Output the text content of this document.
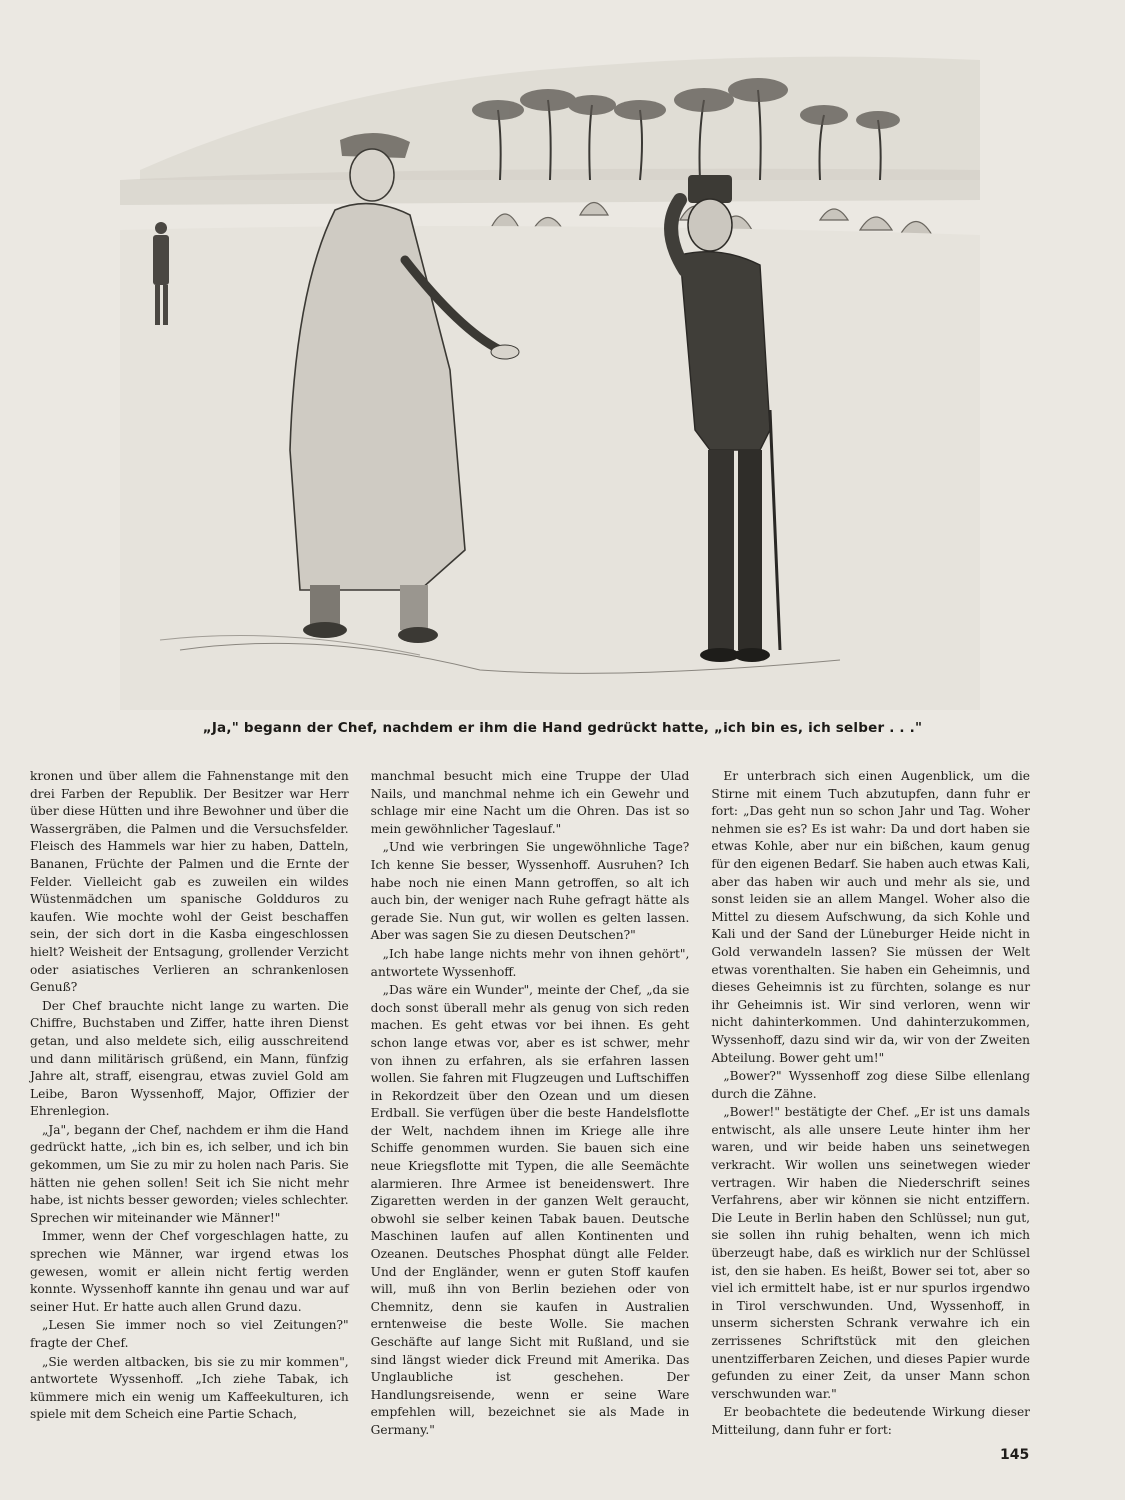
„Ja," begann der Chef, nachdem er ihm die Hand gedrückt hatte, „ich bin es, ich selber . . ."

kronen und über allem die Fahnenstange mit den drei Farben der Republik. Der Besitzer war Herr über diese Hütten und ihre Bewohner und über die Wassergräben, die Palmen und die Versuchsfelder. Fleisch des Hammels war hier zu haben, Datteln, Bananen, Früchte der Palmen und die Ernte der Felder. Vielleicht gab es zuweilen ein wildes Wüstenmädchen um spanische Goldduros zu kaufen. Wie mochte wohl der Geist beschaffen sein, der sich dort in die Kasba eingeschlossen hielt? Weisheit der Entsagung, grollender Verzicht oder asiatisches Verlieren an schrankenlosen Genuß?

Der Chef brauchte nicht lange zu warten. Die Chiffre, Buchstaben und Ziffer, hatte ihren Dienst getan, und also meldete sich, eilig ausschreitend und dann militärisch grüßend, ein Mann, fünfzig Jahre alt, straff, eisengrau, etwas zuviel Gold am Leibe, Baron Wyssenhoff, Major, Offizier der Ehrenlegion.

„Ja", begann der Chef, nachdem er ihm die Hand gedrückt hatte, „ich bin es, ich selber, und ich bin gekommen, um Sie zu mir zu holen nach Paris. Sie hätten nie gehen sollen! Seit ich Sie nicht mehr habe, ist nichts besser geworden; vieles schlechter. Sprechen wir miteinander wie Männer!"

Immer, wenn der Chef vorgeschlagen hatte, zu sprechen wie Männer, war irgend etwas los gewesen, womit er allein nicht fertig werden konnte. Wyssenhoff kannte ihn genau und war auf seiner Hut. Er hatte auch allen Grund dazu.

„Lesen Sie immer noch so viel Zeitungen?" fragte der Chef.

„Sie werden altbacken, bis sie zu mir kommen", antwortete Wyssenhoff. „Ich ziehe Tabak, ich kümmere mich ein wenig um Kaffeekulturen, ich spiele mit dem Scheich eine Partie Schach,

manchmal besucht mich eine Truppe der Ulad Nails, und manchmal nehme ich ein Gewehr und schlage mir eine Nacht um die Ohren. Das ist so mein gewöhnlicher Tageslauf."

„Und wie verbringen Sie ungewöhnliche Tage? Ich kenne Sie besser, Wyssenhoff. Ausruhen? Ich habe noch nie einen Mann getroffen, so alt ich auch bin, der weniger nach Ruhe gefragt hätte als gerade Sie. Nun gut, wir wollen es gelten lassen. Aber was sagen Sie zu diesen Deutschen?"

„Ich habe lange nichts mehr von ihnen gehört", antwortete Wyssenhoff.

„Das wäre ein Wunder", meinte der Chef, „da sie doch sonst überall mehr als genug von sich reden machen. Es geht etwas vor bei ihnen. Es geht schon lange etwas vor, aber es ist schwer, mehr von ihnen zu erfahren, als sie erfahren lassen wollen. Sie fahren mit Flugzeugen und Luftschiffen in Rekordzeit über den Ozean und um diesen Erdball. Sie verfügen über die beste Handelsflotte der Welt, nachdem ihnen im Kriege alle ihre Schiffe genommen wurden. Sie bauen sich eine neue Kriegsflotte mit Typen, die alle Seemächte alarmieren. Ihre Armee ist beneidenswert. Ihre Zigaretten werden in der ganzen Welt geraucht, obwohl sie selber keinen Tabak bauen. Deutsche Maschinen laufen auf allen Kontinenten und Ozeanen. Deutsches Phosphat düngt alle Felder. Und der Engländer, wenn er guten Stoff kaufen will, muß ihn von Berlin beziehen oder von Chemnitz, denn sie kaufen in Australien erntenweise die beste Wolle. Sie machen Geschäfte auf lange Sicht mit Rußland, und sie sind längst wieder dick Freund mit Amerika. Das Unglaubliche ist geschehen. Der Handlungsreisende, wenn er seine Ware empfehlen will, bezeichnet sie als Made in Germany."

Er unterbrach sich einen Augenblick, um die Stirne mit einem Tuch abzutupfen, dann fuhr er fort: „Das geht nun so schon Jahr und Tag. Woher nehmen sie es? Es ist wahr: Da und dort haben sie etwas Kohle, aber nur ein bißchen, kaum genug für den eigenen Bedarf. Sie haben auch etwas Kali, aber das haben wir auch und mehr als sie, und sonst leiden sie an allem Mangel. Woher also die Mittel zu diesem Aufschwung, da sich Kohle und Kali und der Sand der Lüneburger Heide nicht in Gold verwandeln lassen? Sie müssen der Welt etwas vorenthalten. Sie haben ein Geheimnis, und dieses Geheimnis ist zu fürchten, solange es nur ihr Geheimnis ist. Wir sind verloren, wenn wir nicht dahinterkommen. Und dahinterzukommen, Wyssenhoff, dazu sind wir da, wir von der Zweiten Abteilung. Bower geht um!"

„Bower?" Wyssenhoff zog diese Silbe ellenlang durch die Zähne.

„Bower!" bestätigte der Chef. „Er ist uns damals entwischt, als alle unsere Leute hinter ihm her waren, und wir beide haben uns seinetwegen verkracht. Wir wollen uns seinetwegen wieder vertragen. Wir haben die Niederschrift seines Verfahrens, aber wir können sie nicht entziffern. Die Leute in Berlin haben den Schlüssel; nun gut, sie sollen ihn ruhig behalten, wenn ich mich überzeugt habe, daß es wirklich nur der Schlüssel ist, den sie haben. Es heißt, Bower sei tot, aber so viel ich ermittelt habe, ist er nur spurlos irgendwo in Tirol verschwunden. Und, Wyssenhoff, in unserm sichersten Schrank verwahre ich ein zerrissenes Schriftstück mit den gleichen unentzifferbaren Zeichen, und dieses Papier wurde gefunden zu einer Zeit, da unser Mann schon verschwunden war."

Er beobachtete die bedeutende Wirkung dieser Mitteilung, dann fuhr er fort:

145
